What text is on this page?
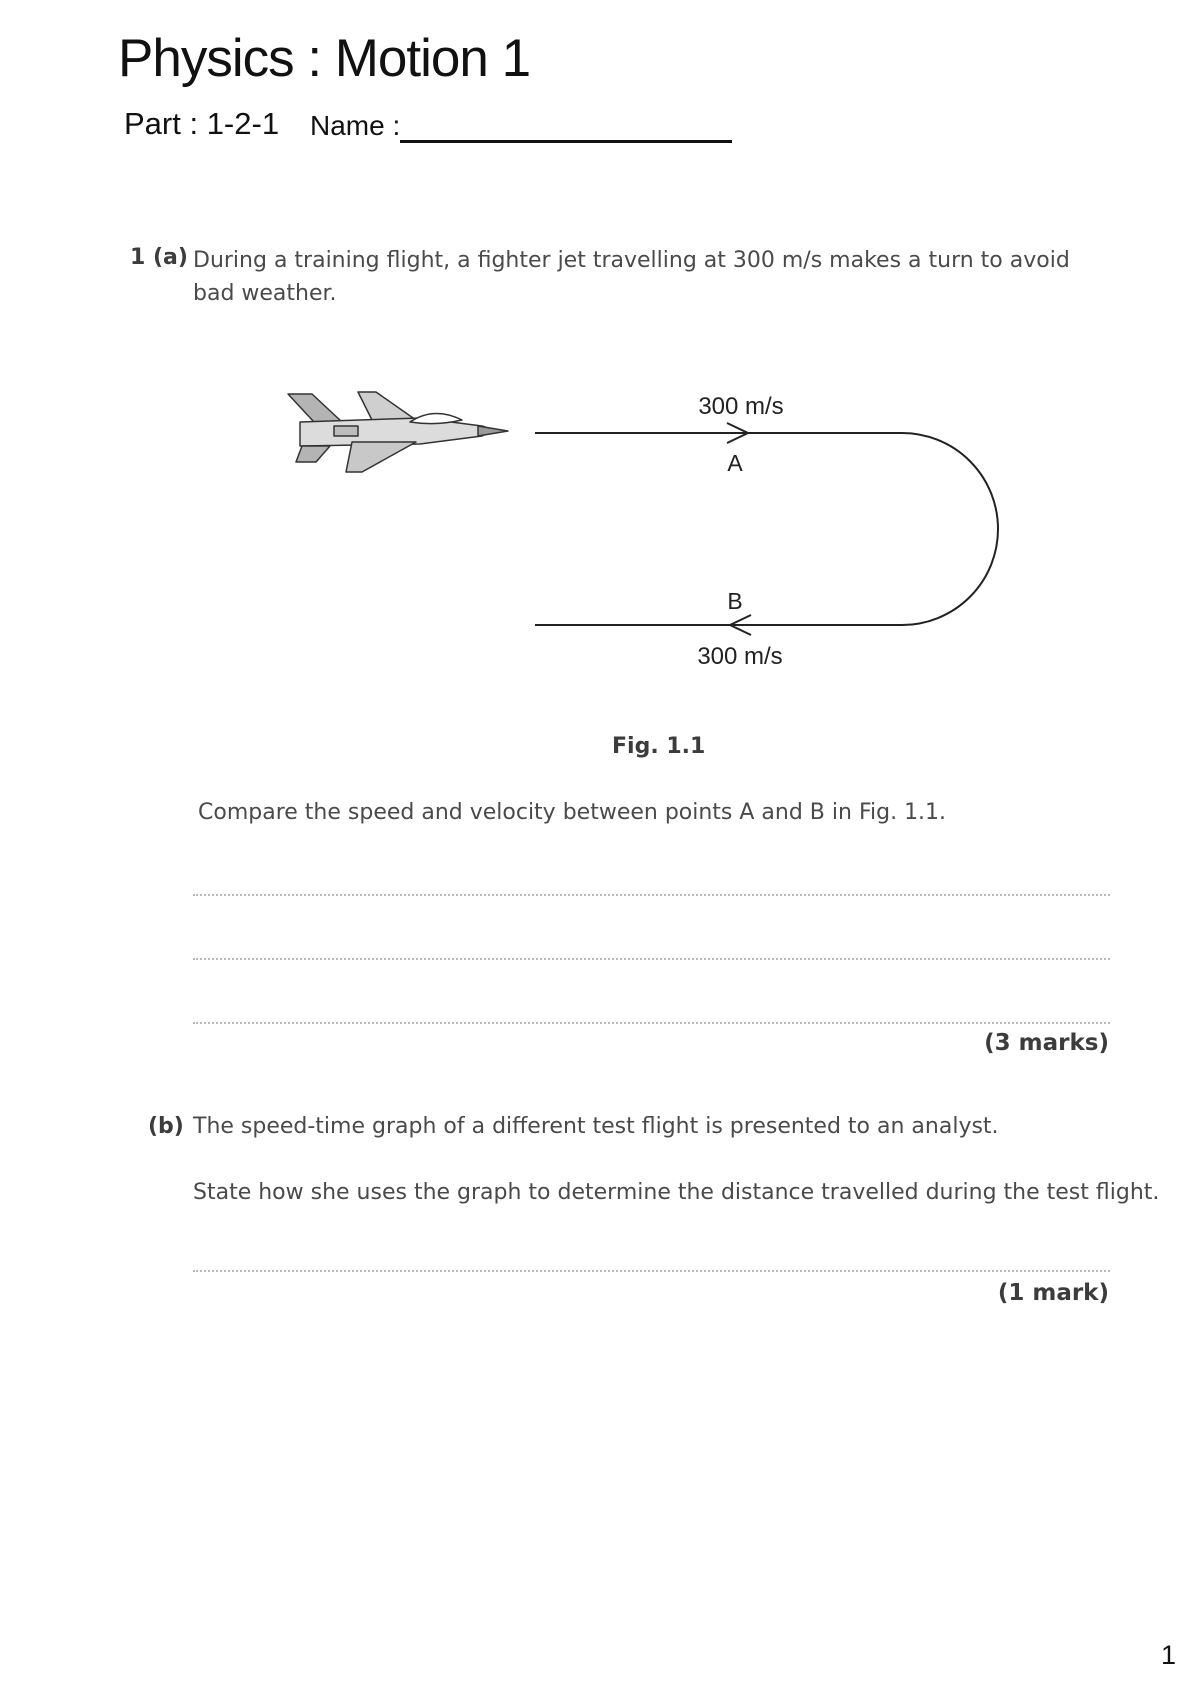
Physics : Motion 1
Part : 1-2-1 Name :
1 (a) During a training flight, a fighter jet travelling at 300 m/s makes a turn to avoid bad weather.
300 m/s
A
B
300 m/s
Fig. 1.1
Compare the speed and velocity between points A and B in Fig. 1.1.
(3 marks)
(b) The speed-time graph of a different test flight is presented to an analyst.
State how she uses the graph to determine the distance travelled during the test flight.
(1 mark)
1
